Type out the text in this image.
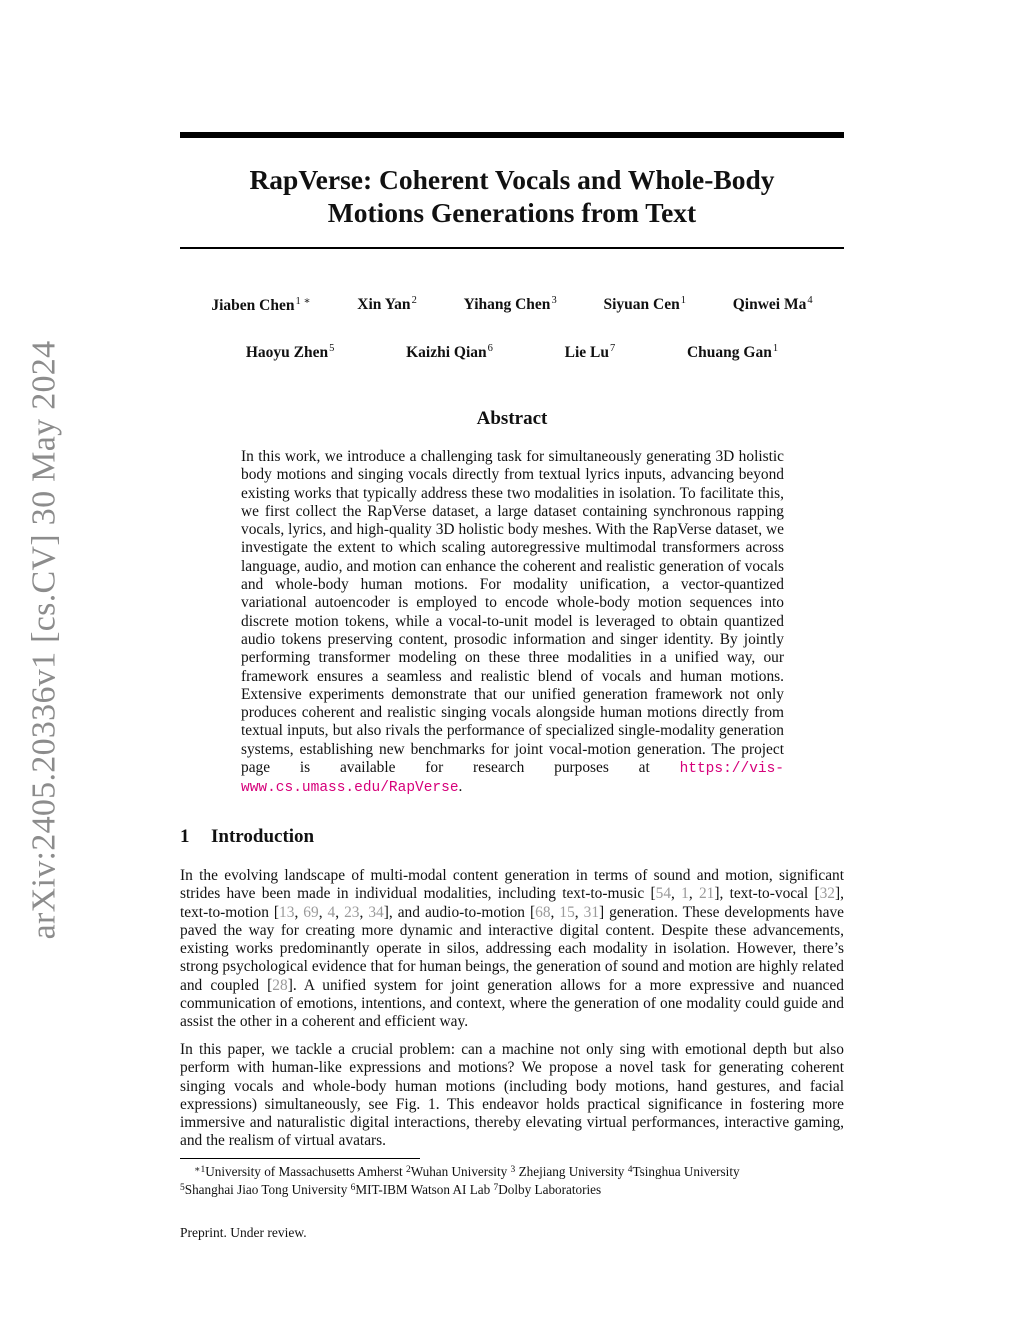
arXiv:2405.20336v1 [cs.CV] 30 May 2024
RapVerse: Coherent Vocals and Whole-Body
Motions Generations from Text
Jiaben Chen$^{1 ∗}$	Xin Yan$^2$	Yihang Chen$^3$	Siyuan Cen$^1$	Qinwei Ma$^4$
Haoyu Zhen$^5$	Kaizhi Qian$^6$	Lie Lu$^7$	Chuang Gan$^1$
Abstract
In this work, we introduce a challenging task for simultaneously generating 3D holistic body motions and singing vocals directly from textual lyrics inputs, advancing beyond existing works that typically address these two modalities in isolation. To facilitate this, we first collect the RapVerse dataset, a large dataset containing synchronous rapping vocals, lyrics, and high-quality 3D holistic body meshes. With the RapVerse dataset, we investigate the extent to which scaling autoregressive multimodal transformers across language, audio, and motion can enhance the coherent and realistic generation of vocals and whole-body human motions. For modality unification, a vector-quantized variational autoencoder is employed to encode whole-body motion sequences into discrete motion tokens, while a vocal-to-unit model is leveraged to obtain quantized audio tokens preserving content, prosodic information and singer identity. By jointly performing transformer modeling on these three modalities in a unified way, our framework ensures a seamless and realistic blend of vocals and human motions. Extensive experiments demonstrate that our unified generation framework not only produces coherent and realistic singing vocals alongside human motions directly from textual inputs, but also rivals the performance of specialized single-modality generation systems, establishing new benchmarks for joint vocal-motion generation. The project page is available for research purposes at https://vis-www.cs.umass.edu/RapVerse.
1 Introduction
In the evolving landscape of multi-modal content generation in terms of sound and motion, significant strides have been made in individual modalities, including text-to-music [54, 1, 21], text-to-vocal [32], text-to-motion [13, 69, 4, 23, 34], and audio-to-motion [68, 15, 31] generation. These developments have paved the way for creating more dynamic and interactive digital content. Despite these advancements, existing works predominantly operate in silos, addressing each modality in isolation. However, there’s strong psychological evidence that for human beings, the generation of sound and motion are highly related and coupled [28]. A unified system for joint generation allows for a more expressive and nuanced communication of emotions, intentions, and context, where the generation of one modality could guide and assist the other in a coherent and efficient way.
In this paper, we tackle a crucial problem: can a machine not only sing with emotional depth but also perform with human-like expressions and motions? We propose a novel task for generating coherent singing vocals and whole-body human motions (including body motions, hand gestures, and facial expressions) simultaneously, see Fig. 1. This endeavor holds practical significance in fostering more immersive and naturalistic digital interactions, thereby elevating virtual performances, interactive gaming, and the realism of virtual avatars.
$^{∗1}$University of Massachusetts Amherst $^2$Wuhan University $^3$ Zhejiang University $^4$Tsinghua University
$^5$Shanghai Jiao Tong University $^6$MIT-IBM Watson AI Lab $^7$Dolby Laboratories
Preprint. Under review.
